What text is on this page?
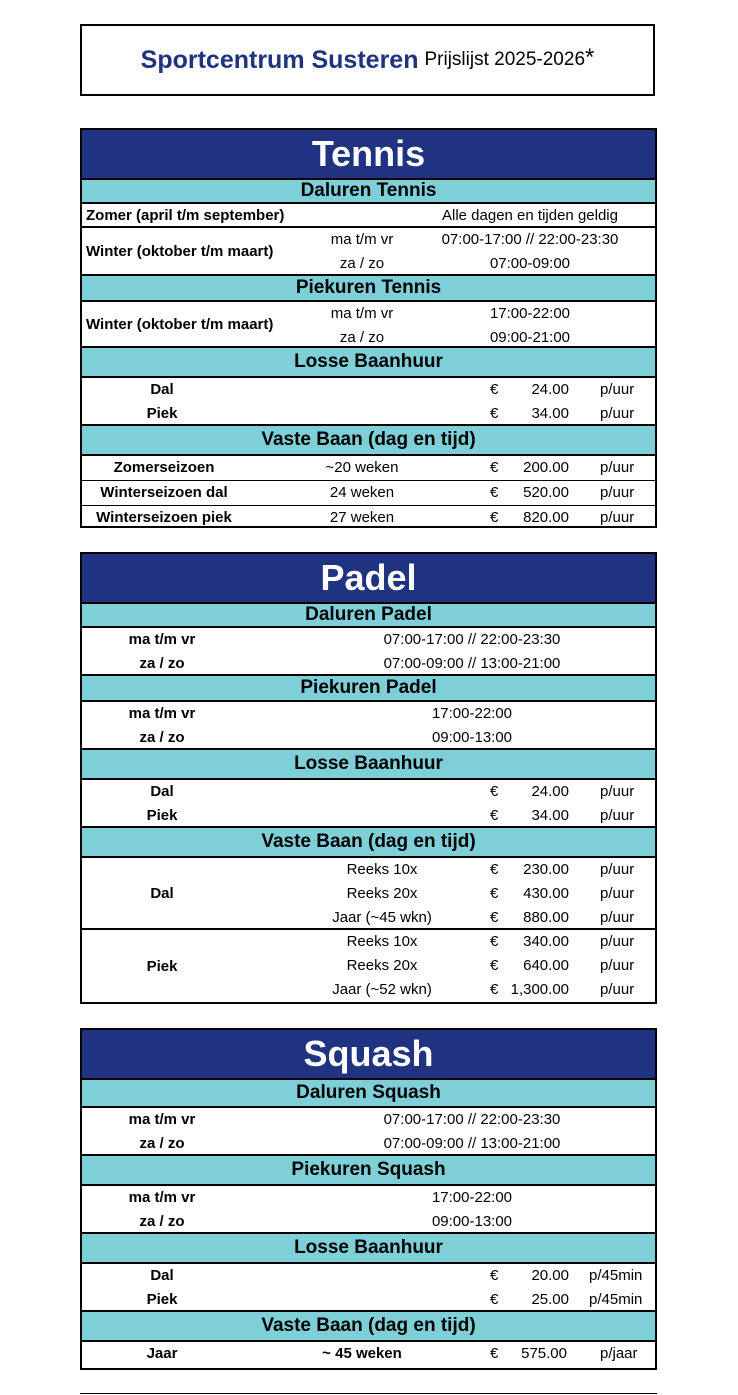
Sportcentrum Susteren Prijslijst 2025-2026*
Tennis
Daluren Tennis
Zomer (april t/m september)	Alle dagen en tijden geldig
Winter (oktober t/m maart)
ma t/m vr	07:00-17:00 // 22:00-23:30
za / zo	07:00-09:00
Piekuren Tennis
Winter (oktober t/m maart)
ma t/m vr	17:00-22:00
za / zo	09:00-21:00
Losse Baanhuur
Dal	€ 24.00 p/uur
Piek	€ 34.00 p/uur
Vaste Baan (dag en tijd)
Zomerseizoen	~20 weken	€ 200.00 p/uur
Winterseizoen dal	24 weken	€ 520.00 p/uur
Winterseizoen piek	27 weken	€ 820.00 p/uur
Padel
Daluren Padel
ma t/m vr	07:00-17:00 // 22:00-23:30
za / zo	07:00-09:00 // 13:00-21:00
Piekuren Padel
ma t/m vr	17:00-22:00
za / zo	09:00-13:00
Losse Baanhuur
Dal	€ 24.00 p/uur
Piek	€ 34.00 p/uur
Vaste Baan (dag en tijd)
Dal
Reeks 10x	€ 230.00 p/uur
Reeks 20x	€ 430.00 p/uur
Jaar (~45 wkn)	€ 880.00 p/uur
Piek
Reeks 10x	€ 340.00 p/uur
Reeks 20x	€ 640.00 p/uur
Jaar (~52 wkn)	€ 1,300.00 p/uur
Squash
Daluren Squash
ma t/m vr	07:00-17:00 // 22:00-23:30
za / zo	07:00-09:00 // 13:00-21:00
Piekuren Squash
ma t/m vr	17:00-22:00
za / zo	09:00-13:00
Losse Baanhuur
Dal	€ 20.00 p/45min
Piek	€ 25.00 p/45min
Vaste Baan (dag en tijd)
Jaar	~ 45 weken	€ 575.00 p/jaar
